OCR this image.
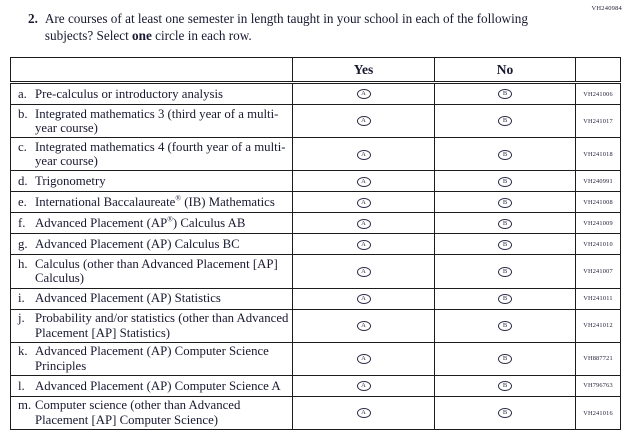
VH240984
2. Are courses of at least one semester in length taught in your school in each of the following subjects? Select one circle in each row.
	Yes	No	

a. Pre-calculus or introductory analysis	A	B	VH241006

b. Integrated mathematics 3 (third year of a multi-year course)	A	B	VH241017

c. Integrated mathematics 4 (fourth year of a multi-year course)	A	B	VH241018

d. Trigonometry	A	B	VH240991

e. International Baccalaureate® (IB) Mathematics	A	B	VH241008

f. Advanced Placement (AP®) Calculus AB	A	B	VH241009

g. Advanced Placement (AP) Calculus BC	A	B	VH241010

h. Calculus (other than Advanced Placement [AP] Calculus)	A	B	VH241007

i. Advanced Placement (AP) Statistics	A	B	VH241011

j. Probability and/or statistics (other than Advanced Placement [AP] Statistics)	A	B	VH241012

k. Advanced Placement (AP) Computer Science Principles	A	B	VH887721

l. Advanced Placement (AP) Computer Science A	A	B	VH796763

m. Computer science (other than Advanced Placement [AP] Computer Science)	A	B	VH241016
